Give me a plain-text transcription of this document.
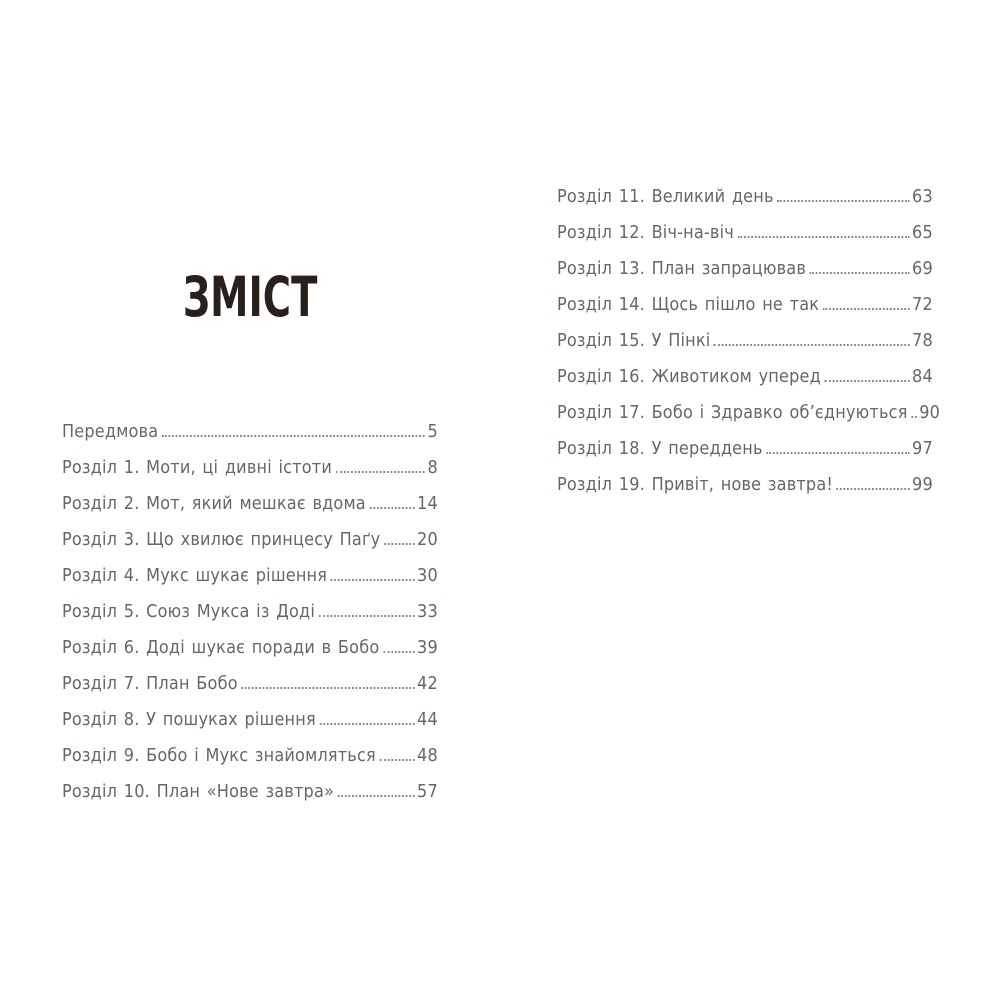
ЗМІСТ
Передмова	5
Розділ 1. Моти, ці дивні істоти	8
Розділ 2. Мот, який мешкає вдома	14
Розділ 3. Що хвилює принцесу Паґу 20
Розділ 4. Мукс шукає рішення	30
Розділ 5. Союз Мукса із Доді	33
Розділ 6. Доді шукає поради в Бобо 39
Розділ 7. План Бобо	42
Розділ 8. У пошуках рішення	44
Розділ 9. Бобо і Мукс знайомляться 48
Розділ 10. План «Нове завтра»	57
Розділ 11. Великий день	63
Розділ 12. Віч-на-віч	65
Розділ 13. План запрацював	69
Розділ 14. Щось пішло не так	72
Розділ 15. У Пінкі	78
Розділ 16. Животиком уперед	84
Розділ 17. Бобо і Здравко об’єднуються 90
Розділ 18. У переддень	97
Розділ 19. Привіт, нове завтра!	99
